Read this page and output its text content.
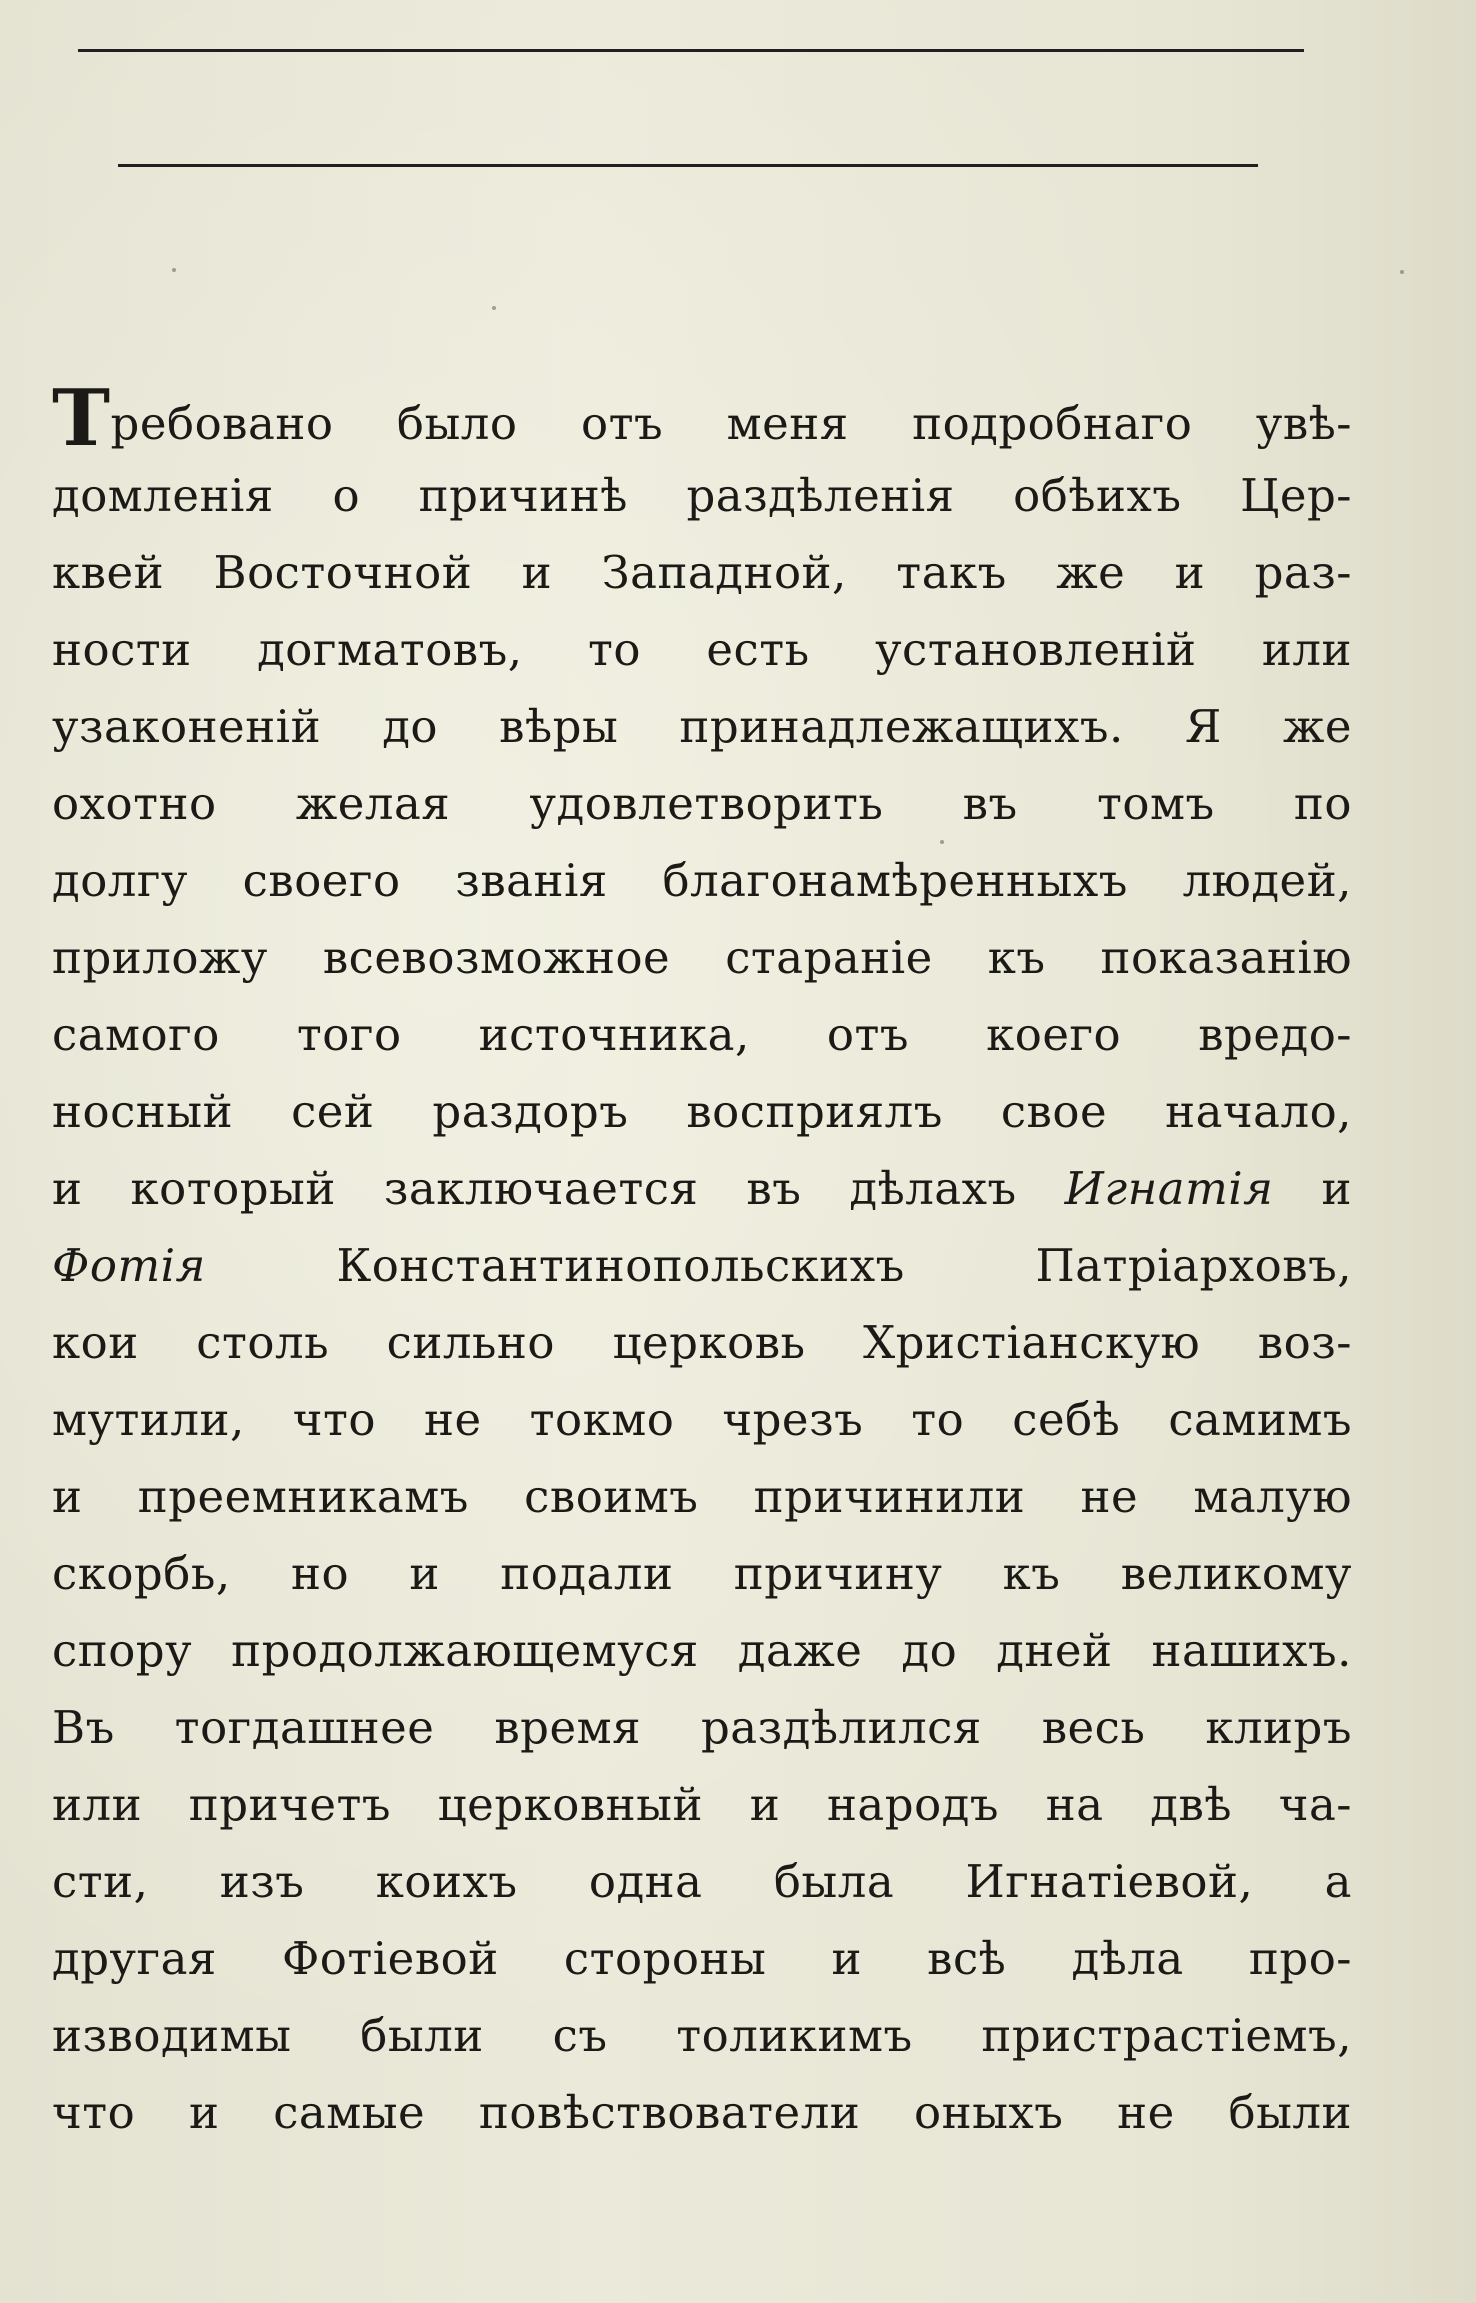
Требовано было отъ меня подробнаго увѣ-
домленія о причинѣ раздѣленія обѣихъ Цер-
квей Восточной и Западной, такъ же и раз-
ности догматовъ, то есть установленій или
узаконеній до вѣры принадлежащихъ. Я же
охотно желая удовлетворить въ томъ по
долгу своего званія благонамѣренныхъ людей,
приложу всевозможное стараніе къ показанію
самого того источника, отъ коего вредо-
носный сей раздоръ восприялъ свое начало,
и который заключается въ дѣлахъ Игнатія и
Фотія Константинопольскихъ Патріарховъ,
кои столь сильно церковь Христіанскую воз-
мутили, что не токмо чрезъ то себѣ самимъ
и преемникамъ своимъ причинили не малую
скорбь, но и подали причину къ великому
спору продолжающемуся даже до дней нашихъ.
Въ тогдашнее время раздѣлился весь клиръ
или причетъ церковный и народъ на двѣ ча-
сти, изъ коихъ одна была Игнатіевой, а
другая Фотіевой стороны и всѣ дѣла про-
изводимы были съ толикимъ пристрастіемъ,
что и самые повѣствователи оныхъ не были
